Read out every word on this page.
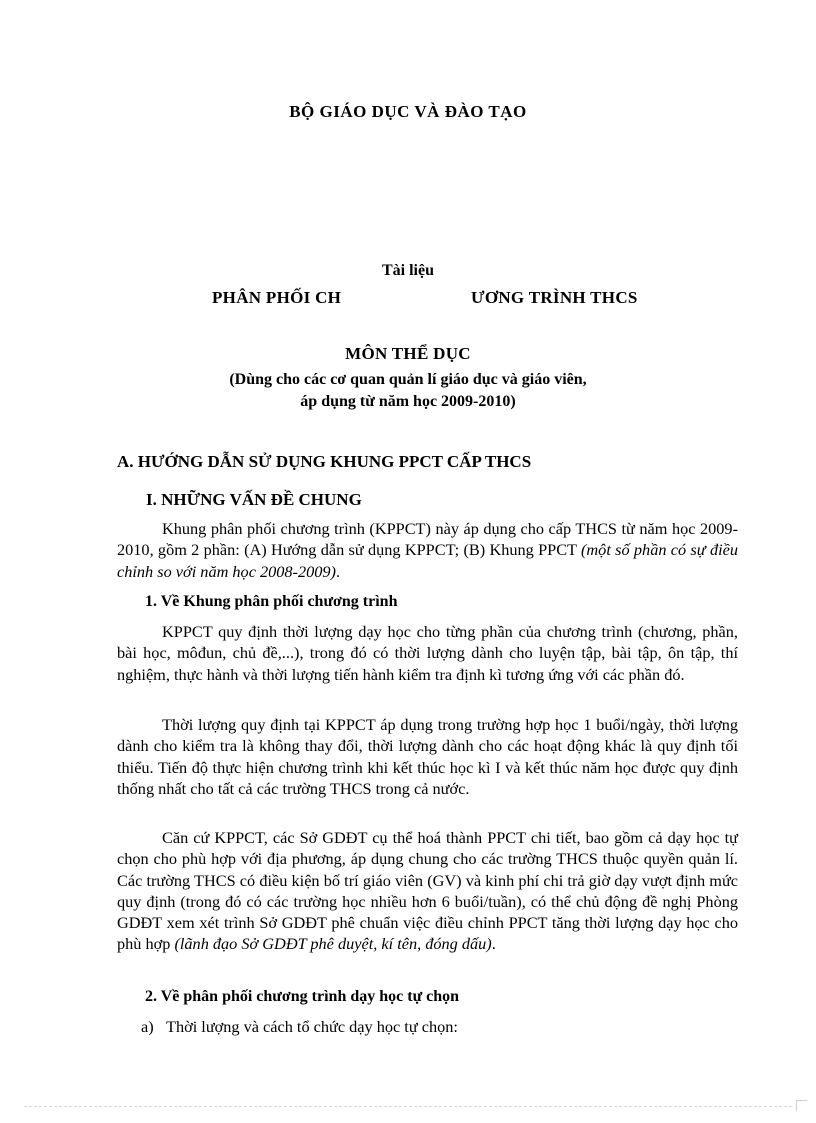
BỘ GIÁO DỤC VÀ ĐÀO TẠO
Tài liệu
PHÂN PHỐI CH	ƯƠNG TRÌNH THCS
MÔN THỂ DỤC
(Dùng cho các cơ quan quản lí giáo dục và giáo viên,
áp dụng từ năm học 2009-2010)
A. HƯỚNG DẪN SỬ DỤNG KHUNG PPCT CẤP THCS
I. NHỮNG VẤN ĐỀ CHUNG

Khung phân phối chương trình (KPPCT) này áp dụng cho cấp THCS từ năm học 2009-2010, gồm 2 phần: (A) Hướng dẫn sử dụng KPPCT; (B) Khung PPCT (một số phần có sự điều chỉnh so với năm học 2008-2009).

1. Về Khung phân phối chương trình

KPPCT quy định thời lượng dạy học cho từng phần của chương trình (chương, phần, bài học, môđun, chủ đề,...), trong đó có thời lượng dành cho luyện tập, bài tập, ôn tập, thí nghiệm, thực hành và thời lượng tiến hành kiểm tra định kì tương ứng với các phần đó.

Thời lượng quy định tại KPPCT áp dụng trong trường hợp học 1 buổi/ngày, thời lượng dành cho kiểm tra là không thay đổi, thời lượng dành cho các hoạt động khác là quy định tối thiểu. Tiến độ thực hiện chương trình khi kết thúc học kì I và kết thúc năm học được quy định thống nhất cho tất cả các trường THCS trong cả nước.

Căn cứ KPPCT, các Sở GDĐT cụ thể hoá thành PPCT chi tiết, bao gồm cả dạy học tự chọn cho phù hợp với địa phương, áp dụng chung cho các trường THCS thuộc quyền quản lí. Các trường THCS có điều kiện bố trí giáo viên (GV) và kinh phí chi trả giờ dạy vượt định mức quy định (trong đó có các trường học nhiều hơn 6 buổi/tuần), có thể chủ động đề nghị Phòng GDĐT xem xét trình Sở GDĐT phê chuẩn việc điều chỉnh PPCT tăng thời lượng dạy học cho phù hợp (lãnh đạo Sở GDĐT phê duyệt, kí tên, đóng dấu).

2. Về phân phối chương trình dạy học tự chọn
a) Thời lượng và cách tổ chức dạy học tự chọn:
